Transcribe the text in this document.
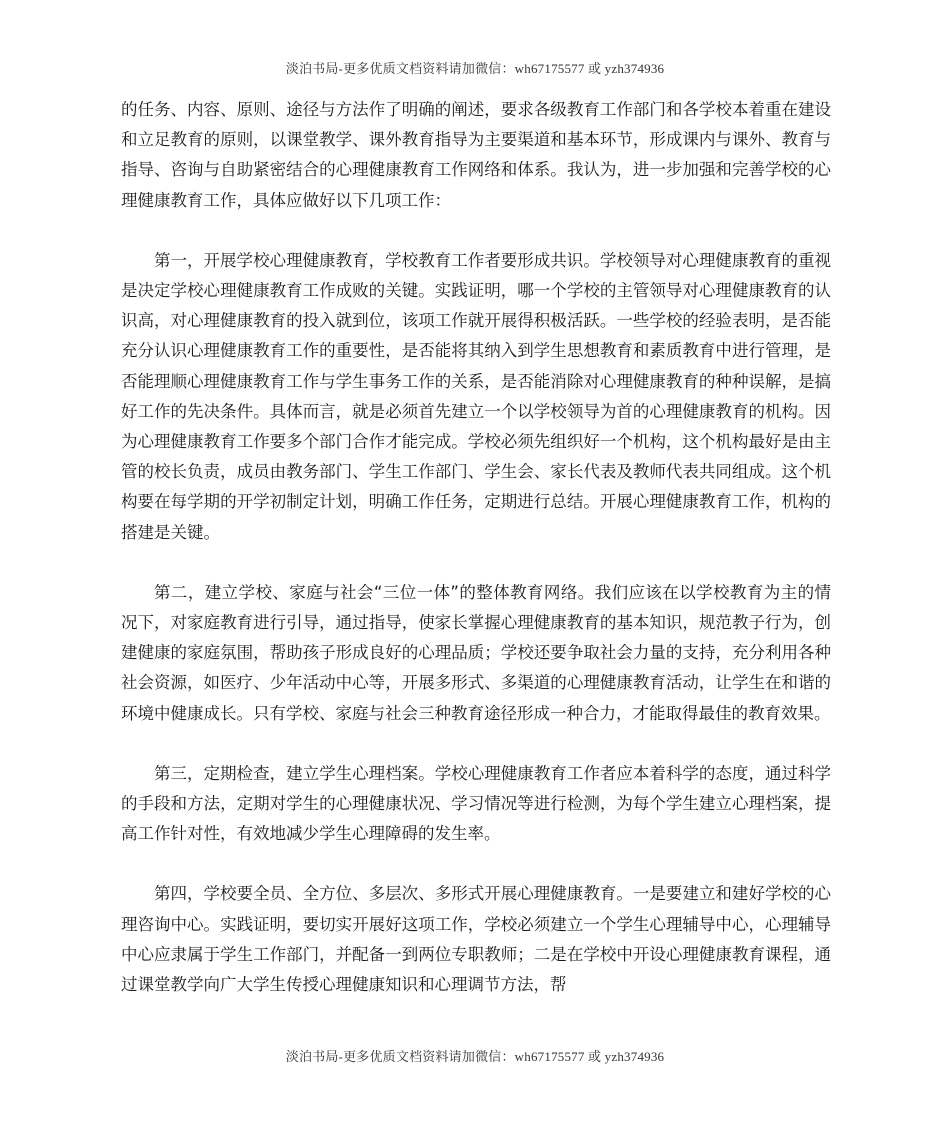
淡泊书局-更多优质文档资料请加微信：wh67175577 或 yzh374936

的任务、内容、原则、途径与方法作了明确的阐述，要求各级教育工作部门和各学校本着重在建设和立足教育的原则，以课堂教学、课外教育指导为主要渠道和基本环节，形成课内与课外、教育与指导、咨询与自助紧密结合的心理健康教育工作网络和体系。我认为，进一步加强和完善学校的心理健康教育工作，具体应做好以下几项工作：

第一，开展学校心理健康教育，学校教育工作者要形成共识。学校领导对心理健康教育的重视是决定学校心理健康教育工作成败的关键。实践证明，哪一个学校的主管领导对心理健康教育的认识高，对心理健康教育的投入就到位，该项工作就开展得积极活跃。一些学校的经验表明，是否能充分认识心理健康教育工作的重要性，是否能将其纳入到学生思想教育和素质教育中进行管理，是否能理顺心理健康教育工作与学生事务工作的关系，是否能消除对心理健康教育的种种误解，是搞好工作的先决条件。具体而言，就是必须首先建立一个以学校领导为首的心理健康教育的机构。因为心理健康教育工作要多个部门合作才能完成。学校必须先组织好一个机构，这个机构最好是由主管的校长负责，成员由教务部门、学生工作部门、学生会、家长代表及教师代表共同组成。这个机构要在每学期的开学初制定计划，明确工作任务，定期进行总结。开展心理健康教育工作，机构的搭建是关键。

第二，建立学校、家庭与社会“三位一体”的整体教育网络。我们应该在以学校教育为主的情况下，对家庭教育进行引导，通过指导，使家长掌握心理健康教育的基本知识，规范教子行为，创建健康的家庭氛围，帮助孩子形成良好的心理品质；学校还要争取社会力量的支持，充分利用各种社会资源，如医疗、少年活动中心等，开展多形式、多渠道的心理健康教育活动，让学生在和谐的环境中健康成长。只有学校、家庭与社会三种教育途径形成一种合力，才能取得最佳的教育效果。

第三，定期检查，建立学生心理档案。学校心理健康教育工作者应本着科学的态度，通过科学的手段和方法，定期对学生的心理健康状况、学习情况等进行检测，为每个学生建立心理档案，提高工作针对性，有效地减少学生心理障碍的发生率。

第四，学校要全员、全方位、多层次、多形式开展心理健康教育。一是要建立和建好学校的心理咨询中心。实践证明，要切实开展好这项工作，学校必须建立一个学生心理辅导中心，心理辅导中心应隶属于学生工作部门，并配备一到两位专职教师；二是在学校中开设心理健康教育课程，通过课堂教学向广大学生传授心理健康知识和心理调节方法，帮

淡泊书局-更多优质文档资料请加微信：wh67175577 或 yzh374936
